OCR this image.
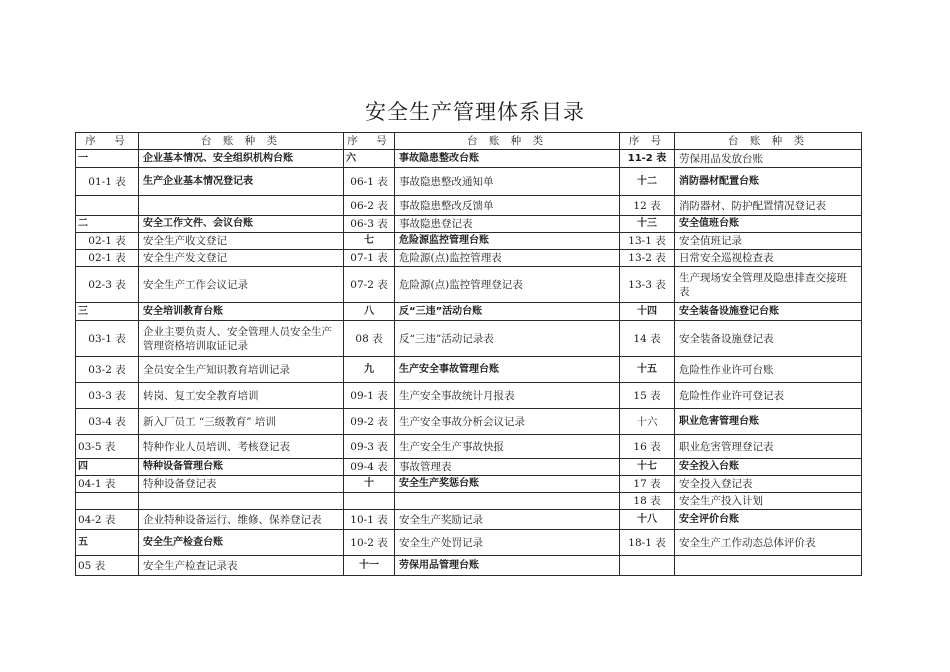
安全生产管理体系目录
序　号	台 账 种 类	序　号	台 账 种 类	序 号	台 账 种 类
一	企业基本情况、安全组织机构台账	六	事故隐患整改台账	11-2 表	劳保用品发放台账
01-1 表	生产企业基本情况登记表	06-1 表	事故隐患整改通知单	十二	消防器材配置台账
		06-2 表	事故隐患整改反馈单	12 表	消防器材、防护配置情况登记表
二	安全工作文件、会议台账	06-3 表	事故隐患登记表	十三	安全值班台账
02-1 表	安全生产收文登记	七	危险源监控管理台账	13-1 表	安全值班记录
02-1 表	安全生产发文登记	07-1 表	危险源(点)监控管理表	13-2 表	日常安全巡视检查表
02-3 表	安全生产工作会议记录	07-2 表	危险源(点)监控管理登记表	13-3 表	生产现场安全管理及隐患排查交接班表
三	安全培训教育台账	八	反“三违”活动台账	十四	安全装备设施登记台账
03-1 表	企业主要负责人、安全管理人员安全生产管理资格培训取证记录	08 表	反“三违”活动记录表	14 表	安全装备设施登记表
03-2 表	全员安全生产知识教育培训记录	九	生产安全事故管理台账	十五	危险性作业许可台账
03-3 表	转岗、复工安全教育培训	09-1 表	生产安全事故统计月报表	15 表	危险性作业许可登记表
03-4 表	新入厂员工 “三级教育” 培训	09-2 表	生产安全事故分析会议记录	十六	职业危害管理台账
03-5 表	特种作业人员培训、考核登记表	09-3 表	生产安全生产事故快报	16 表	职业危害管理登记表
四	特种设备管理台账	09-4 表	事故管理表	十七	安全投入台账
04-1 表	特种设备登记表	十	安全生产奖惩台账	17 表	安全投入登记表
				18 表	安全生产投入计划
04-2 表	企业特种设备运行、维修、保养登记表	10-1 表	安全生产奖励记录	十八	安全评价台账
五	安全生产检查台账	10-2 表	安全生产处罚记录	18-1 表	安全生产工作动态总体评价表
05 表	安全生产检查记录表	十一	劳保用品管理台账		
